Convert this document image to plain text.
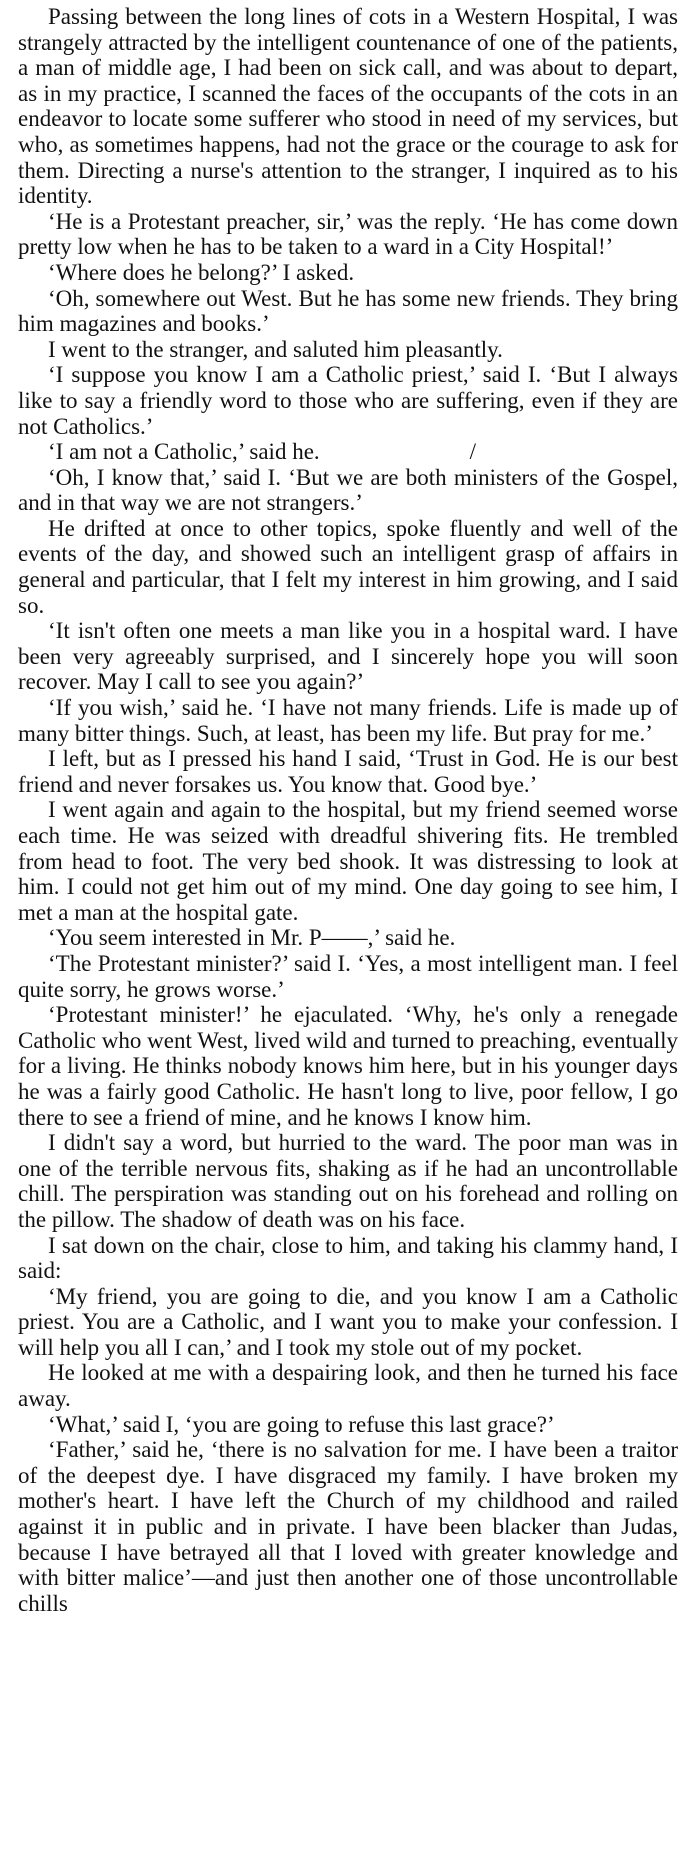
Passing between the long lines of cots in a Western Hospital, I was strangely attracted by the intelligent countenance of one of the patients, a man of middle age, I had been on sick call, and was about to depart, as in my practice, I scanned the faces of the occupants of the cots in an endeavor to locate some sufferer who stood in need of my services, but who, as sometimes happens, had not the grace or the courage to ask for them. Directing a nurse's attention to the stranger, I inquired as to his identity.

‘He is a Protestant preacher, sir,’ was the reply. ‘He has come down pretty low when he has to be taken to a ward in a City Hospital!’

‘Where does he belong?’ I asked.

‘Oh, somewhere out West. But he has some new friends. They bring him magazines and books.’

I went to the stranger, and saluted him pleasantly.

‘I suppose you know I am a Catholic priest,’ said I. ‘But I always like to say a friendly word to those who are suffering, even if they are not Catholics.’

‘I am not a Catholic,’ said he.	/

‘Oh, I know that,’ said I. ‘But we are both ministers of the Gospel, and in that way we are not strangers.’

He drifted at once to other topics, spoke fluently and well of the events of the day, and showed such an intelligent grasp of affairs in general and particular, that I felt my interest in him growing, and I said so.

‘It isn't often one meets a man like you in a hospital ward. I have been very agreeably surprised, and I sincerely hope you will soon recover. May I call to see you again?’

‘If you wish,’ said he. ‘I have not many friends. Life is made up of many bitter things. Such, at least, has been my life. But pray for me.’

I left, but as I pressed his hand I said, ‘Trust in God. He is our best friend and never forsakes us. You know that. Good bye.’

I went again and again to the hospital, but my friend seemed worse each time. He was seized with dreadful shivering fits. He trembled from head to foot. The very bed shook. It was distressing to look at him. I could not get him out of my mind. One day going to see him, I met a man at the hospital gate.

‘You seem interested in Mr. P——,’ said he.

‘The Protestant minister?’ said I. ‘Yes, a most intelligent man. I feel quite sorry, he grows worse.’

‘Protestant minister!’ he ejaculated. ‘Why, he's only a renegade Catholic who went West, lived wild and turned to preaching, eventually for a living. He thinks nobody knows him here, but in his younger days he was a fairly good Catholic. He hasn't long to live, poor fellow, I go there to see a friend of mine, and he knows I know him.

I didn't say a word, but hurried to the ward. The poor man was in one of the terrible nervous fits, shaking as if he had an uncontrollable chill. The perspiration was standing out on his forehead and rolling on the pillow. The shadow of death was on his face.

I sat down on the chair, close to him, and taking his clammy hand, I said:

‘My friend, you are going to die, and you know I am a Catholic priest. You are a Catholic, and I want you to make your confession. I will help you all I can,’ and I took my stole out of my pocket.

He looked at me with a despairing look, and then he turned his face away.

‘What,’ said I, ‘you are going to refuse this last grace?’

‘Father,’ said he, ‘there is no salvation for me. I have been a traitor of the deepest dye. I have disgraced my family. I have broken my mother's heart. I have left the Church of my childhood and railed against it in public and in private. I have been blacker than Judas, because I have betrayed all that I loved with greater knowledge and with bitter malice’—and just then another one of those uncontrollable chills
